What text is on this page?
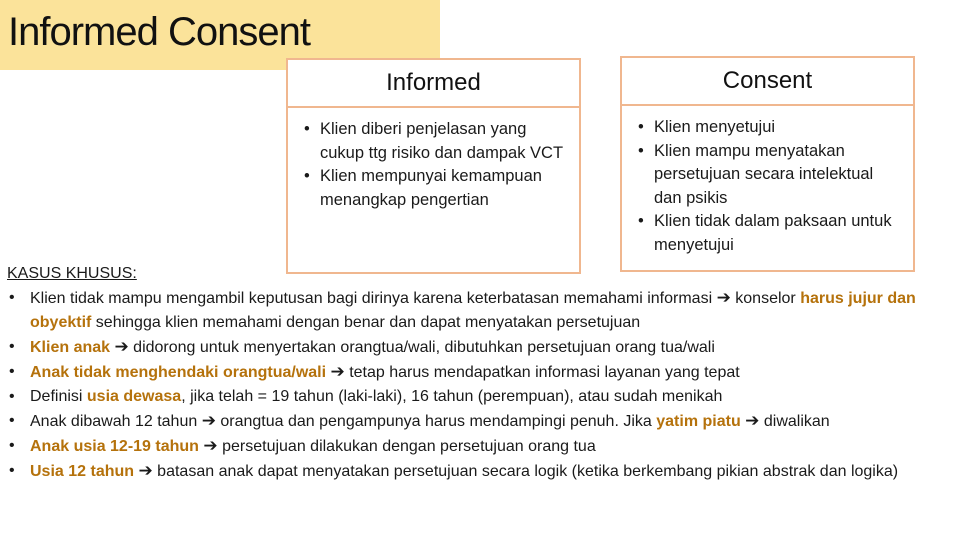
Informed Consent
Informed
• Klien diberi penjelasan yang cukup ttg risiko dan dampak VCT
• Klien mempunyai kemampuan menangkap pengertian
Consent
• Klien menyetujui
• Klien mampu menyatakan persetujuan secara intelektual dan psikis
• Klien tidak dalam paksaan untuk menyetujui
KASUS KHUSUS:
• Klien tidak mampu mengambil keputusan bagi dirinya karena keterbatasan memahami informasi ➔ konselor harus jujur dan obyektif sehingga klien memahami dengan benar dan dapat menyatakan persetujuan
• Klien anak ➔ didorong untuk menyertakan orangtua/wali, dibutuhkan persetujuan orang tua/wali
• Anak tidak menghendaki orangtua/wali ➔ tetap harus mendapatkan informasi layanan yang tepat
• Definisi usia dewasa, jika telah = 19 tahun (laki-laki), 16 tahun (perempuan), atau sudah menikah
• Anak dibawah 12 tahun ➔ orangtua dan pengampunya harus mendampingi penuh. Jika yatim piatu ➔ diwalikan
• Anak usia 12-19 tahun ➔ persetujuan dilakukan dengan persetujuan orang tua
• Usia 12 tahun ➔ batasan anak dapat menyatakan persetujuan secara logik (ketika berkembang pikian abstrak dan logika)
